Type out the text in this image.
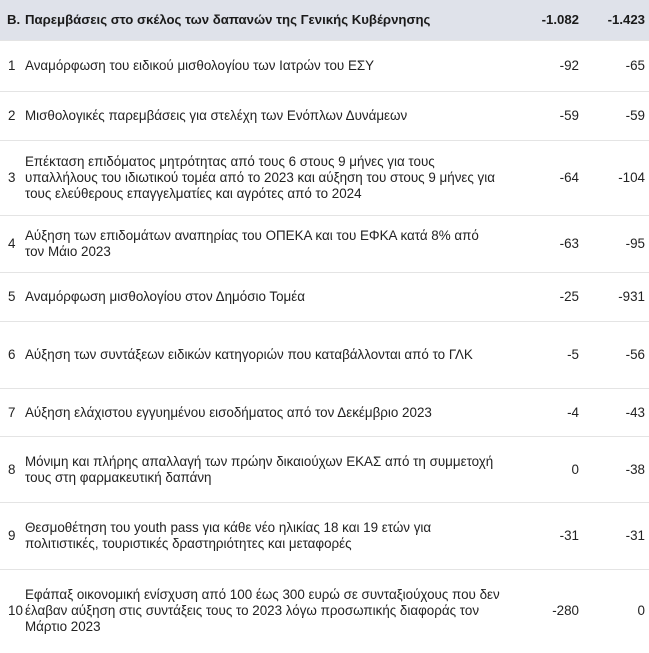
Β.	Παρεμβάσεις στο σκέλος των δαπανών της Γενικής Κυβέρνησης	-1.082	-1.423
1	Αναμόρφωση του ειδικού μισθολογίου των Ιατρών του ΕΣΥ	-92	-65
2	Μισθολογικές παρεμβάσεις για στελέχη των Ενόπλων Δυνάμεων	-59	-59
3	Επέκταση επιδόματος μητρότητας από τους 6 στους 9 μήνες για τους υπαλλήλους του ιδιωτικού τομέα από το 2023 και αύξηση του στους 9 μήνες για τους ελεύθερους επαγγελματίες και αγρότες από το 2024	-64	-104
4	Αύξηση των επιδομάτων αναπηρίας του ΟΠΕΚΑ και του ΕΦΚΑ κατά 8% από τον Μάιο 2023	-63	-95
5	Αναμόρφωση μισθολογίου στον Δημόσιο Τομέα	-25	-931
6	Αύξηση των συντάξεων ειδικών κατηγοριών που καταβάλλονται από το ΓΛΚ	-5	-56
7	Αύξηση ελάχιστου εγγυημένου εισοδήματος από τον Δεκέμβριο 2023	-4	-43
8	Μόνιμη και πλήρης απαλλαγή των πρώην δικαιούχων ΕΚΑΣ από τη συμμετοχή τους στη φαρμακευτική δαπάνη	0	-38
9	Θεσμοθέτηση του youth pass για κάθε νέο ηλικίας 18 και 19 ετών για πολιτιστικές, τουριστικές δραστηριότητες και μεταφορές	-31	-31
10	Εφάπαξ οικονομική ενίσχυση από 100 έως 300 ευρώ σε συνταξιούχους που δεν έλαβαν αύξηση στις συντάξεις τους το 2023 λόγω προσωπικής διαφοράς τον Μάρτιο 2023	-280	0
